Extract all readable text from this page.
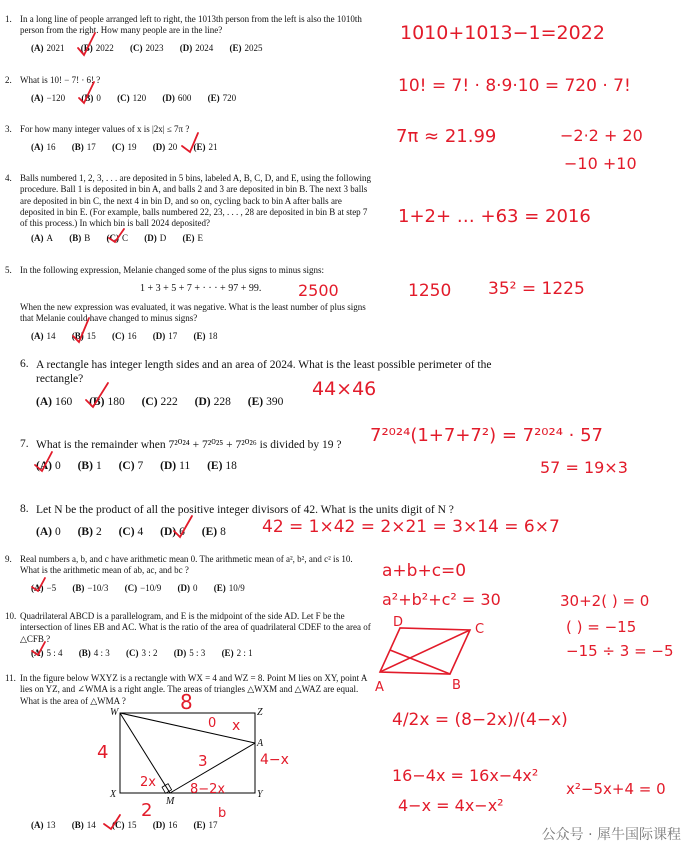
1. In a long line of people arranged left to right, the 1013th person from the left is also the 1010th person from the right. How many people are in the line?
(A) 2021 (B) 2022 (C) 2023 (D) 2024 (E) 2025
2. What is 10! − 7! · 6! ?
(A) −120 (B) 0 (C) 120 (D) 600 (E) 720
3. For how many integer values of x is |2x| ≤ 7π ?
(A) 16 (B) 17 (C) 19 (D) 20 (E) 21
4. Balls numbered 1, 2, 3, . . . are deposited in 5 bins, labeled A, B, C, D, and E, using the following procedure. Ball 1 is deposited in bin A, and balls 2 and 3 are deposited in bin B. The next 3 balls are deposited in bin C, the next 4 in bin D, and so on, cycling back to bin A after balls are deposited in bin E. (For example, balls numbered 22, 23, . . . , 28 are deposited in bin B at step 7 of this process.) In which bin is ball 2024 deposited?
(A) A (B) B (C) C (D) D (E) E
5. In the following expression, Melanie changed some of the plus signs to minus signs:
1 + 3 + 5 + 7 + · · · + 97 + 99.
When the new expression was evaluated, it was negative. What is the least number of plus signs that Melanie could have changed to minus signs?
(A) 14 (B) 15 (C) 16 (D) 17 (E) 18
6. A rectangle has integer length sides and an area of 2024. What is the least possible perimeter of the rectangle?
(A) 160 (B) 180 (C) 222 (D) 228 (E) 390
7. What is the remainder when 7²⁰²⁴ + 7²⁰²⁵ + 7²⁰²⁶ is divided by 19 ?
(A) 0 (B) 1 (C) 7 (D) 11 (E) 18
8. Let N be the product of all the positive integer divisors of 42. What is the units digit of N ?
(A) 0 (B) 2 (C) 4 (D) 6 (E) 8
9. Real numbers a, b, and c have arithmetic mean 0. The arithmetic mean of a², b², and c² is 10. What is the arithmetic mean of ab, ac, and bc ?
(A) −5 (B) −10/3 (C) −10/9 (D) 0 (E) 10/9
10. Quadrilateral ABCD is a parallelogram, and E is the midpoint of the side AD. Let F be the intersection of lines EB and AC. What is the ratio of the area of quadrilateral CDEF to the area of △CFB ?
(A) 5 : 4 (B) 4 : 3 (C) 3 : 2 (D) 5 : 3 (E) 2 : 1
11. In the figure below WXYZ is a rectangle with WX = 4 and WZ = 8. Point M lies on XY, point A lies on YZ, and ∠WMA is a right angle. The areas of triangles △WXM and △WAZ are equal. What is the area of △WMA ?
W	Z
X	Y
M
A
(A) 13 (B) 14 (C) 15 (D) 16 (E) 17
1010+1013−1=2022
10! = 7! · 8·9·10 = 720 · 7!
7π ≈ 21.99	−2·2 + 20
−10 +10
1+2+ … +63 = 2016
2500	1250 35² = 1225
44×46
7²⁰²⁴(1+7+7²) = 7²⁰²⁴ · 57
57 = 19×3
42 = 1×42 = 2×21 = 3×14 = 6×7
a+b+c=0
a²+b²+c² = 30	30+2( ) = 0
( ) = −15
−15 ÷ 3 = −5
A
D	C
B
4/2x = (8−2x)/(4−x)
16−4x = 16x−4x²
4−x = 4x−x²
x²−5x+4 = 0
8
4
2
x
2x
4−x
8−2x
3
b
0
公众号 · 犀牛国际课程
